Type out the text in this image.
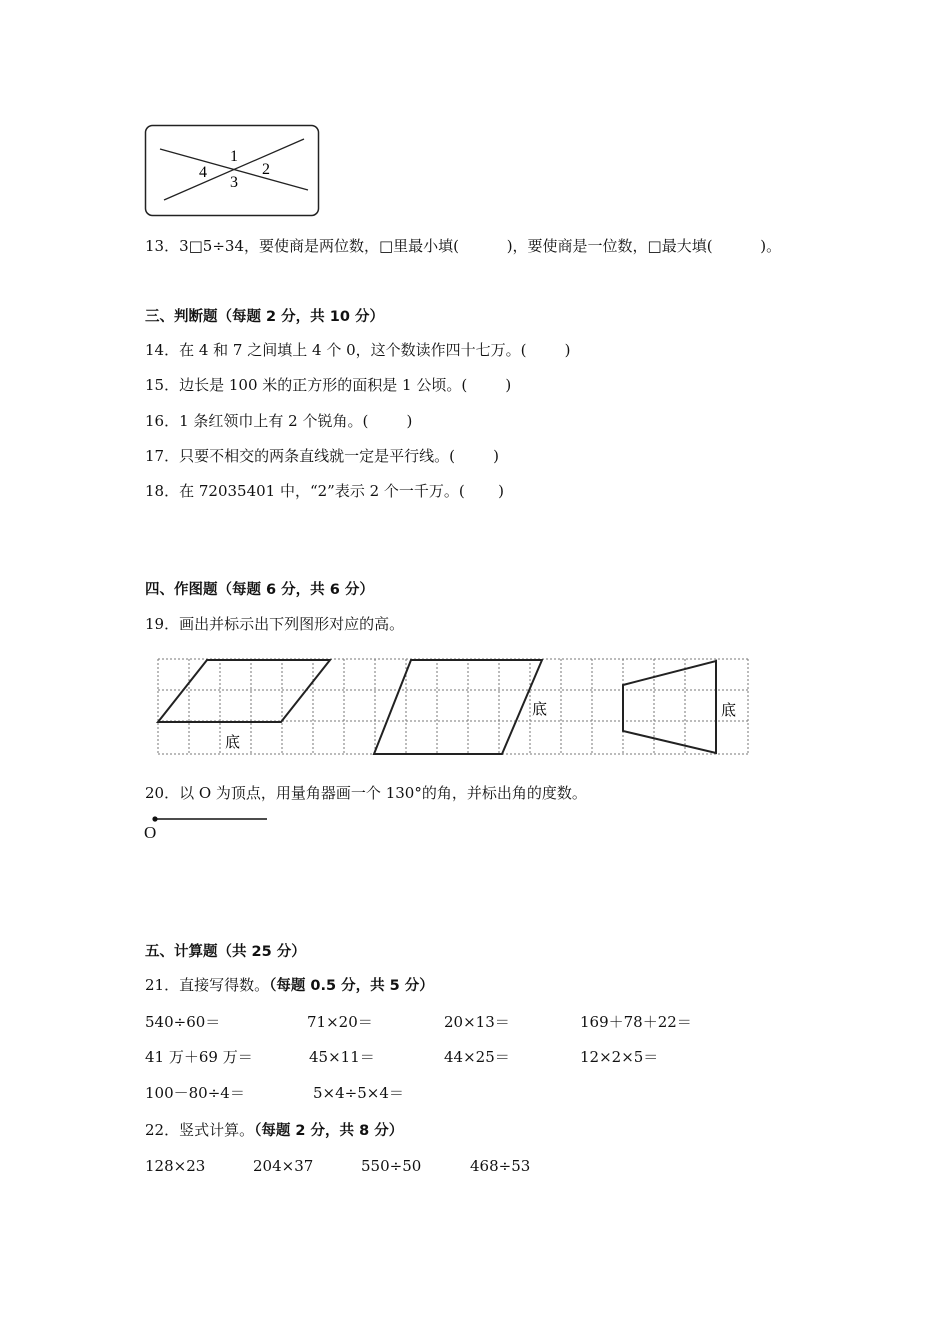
1
2
3
4
13．3□5÷34，要使商是两位数，□里最小填(          )，要使商是一位数，□最大填(          )。
三、判断题（每题 2 分，共 10 分）
14．在 4 和 7 之间填上 4 个 0，这个数读作四十七万。(        )
15．边长是 100 米的正方形的面积是 1 公顷。(        )
16．1 条红领巾上有 2 个锐角。(        )
17．只要不相交的两条直线就一定是平行线。(        )
18．在 72035401 中，“2”表示 2 个一千万。(       )
四、作图题（每题 6 分，共 6 分）
19．画出并标示出下列图形对应的高。
底
底	底
20．以 O 为顶点，用量角器画一个 130°的角，并标出角的度数。
O
五、计算题（共 25 分）
21．直接写得数。（每题 0.5 分，共 5 分）
540÷60＝	71×20＝	20×13＝	169＋78＋22＝
41 万＋69 万＝	45×11＝	44×25＝	12×2×5＝
100－80÷4＝	5×4÷5×4＝
22．竖式计算。（每题 2 分，共 8 分）
128×23	204×37	550÷50	468÷53
